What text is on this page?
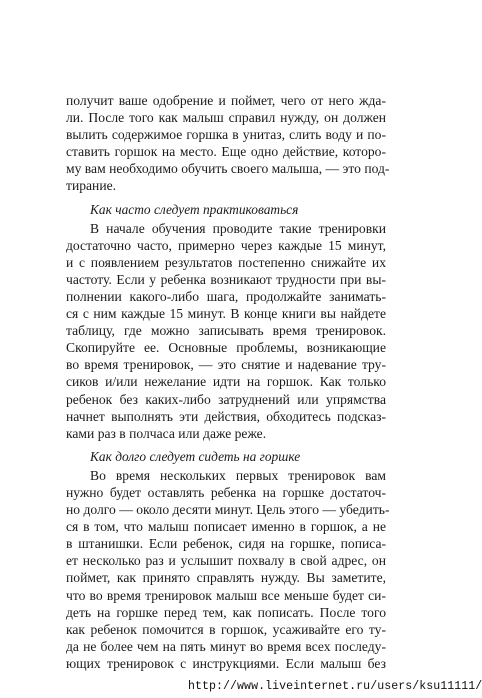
получит ваше одобрение и поймет, чего от него жда-
ли. После того как малыш справил нужду, он должен
вылить содержимое горшка в унитаз, слить воду и по-
ставить горшок на место. Еще одно действие, которо-
му вам необходимо обучить своего малыша, — это под-
тирание.
Как часто следует практиковаться
В начале обучения проводите такие тренировки
достаточно часто, примерно через каждые 15 минут,
и с появлением результатов постепенно снижайте их
частоту. Если у ребенка возникают трудности при вы-
полнении какого-либо шага, продолжайте занимать-
ся с ним каждые 15 минут. В конце книги вы найдете
таблицу, где можно записывать время тренировок.
Скопируйте ее. Основные проблемы, возникающие
во время тренировок, — это снятие и надевание тру-
сиков и/или нежелание идти на горшок. Как только
ребенок без каких-либо затруднений или упрямства
начнет выполнять эти действия, обходитесь подсказ-
ками раз в полчаса или даже реже.
Как долго следует сидеть на горшке
Во время нескольких первых тренировок вам
нужно будет оставлять ребенка на горшке достаточ-
но долго — около десяти минут. Цель этого — убедить-
ся в том, что малыш пописает именно в горшок, а не
в штанишки. Если ребенок, сидя на горшке, пописа-
ет несколько раз и услышит похвалу в свой адрес, он
поймет, как принято справлять нужду. Вы заметите,
что во время тренировок малыш все меньше будет си-
деть на горшке перед тем, как пописать. После того
как ребенок помочится в горшок, усаживайте его ту-
да не более чем на пять минут во время всех последу-
ющих тренировок с инструкциями. Если малыш без
http://www.liveinternet.ru/users/ksu11111/
